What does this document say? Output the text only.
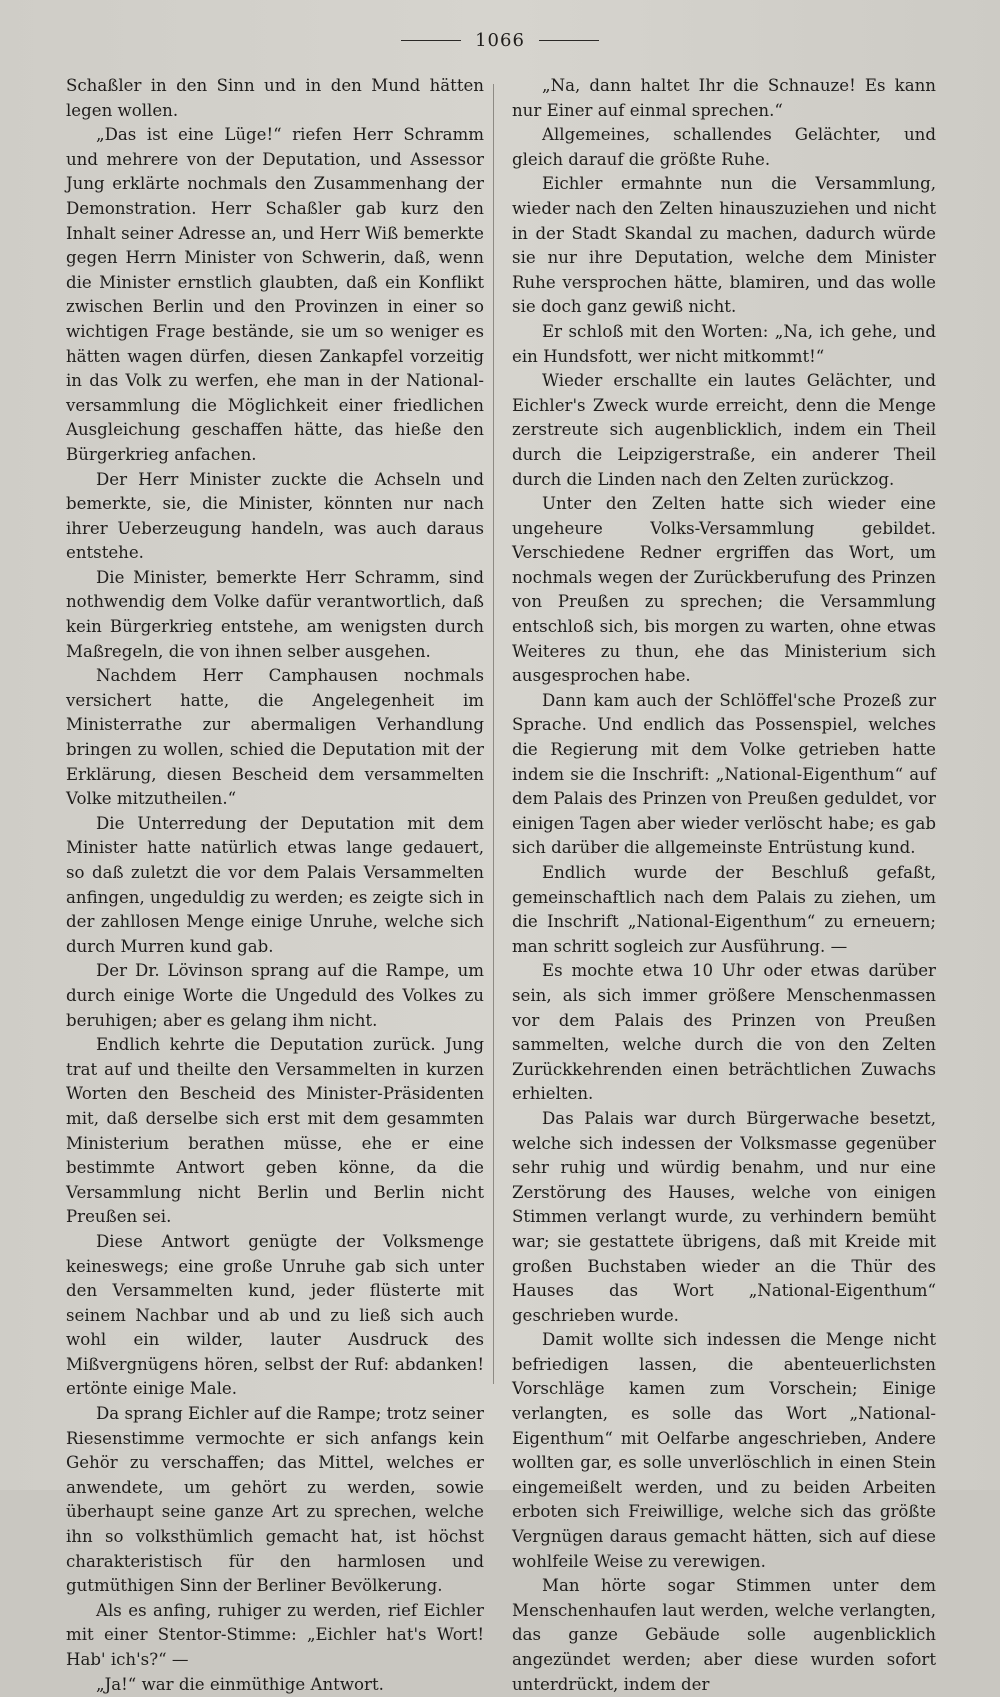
1066

Schaßler in den Sinn und in den Mund hätten legen wollen.

„Das ist eine Lüge!“ riefen Herr Schramm und mehrere von der Deputation, und Assessor Jung erklärte nochmals den Zusammenhang der Demonstration. Herr Schaßler gab kurz den Inhalt seiner Adresse an, und Herr Wiß bemerkte gegen Herrn Minister von Schwerin, daß, wenn die Minister ernstlich glaubten, daß ein Konflikt zwischen Berlin und den Provinzen in einer so wichtigen Frage bestände, sie um so weniger es hätten wagen dürfen, diesen Zankapfel vorzeitig in das Volk zu werfen, ehe man in der National-versammlung die Möglichkeit einer friedlichen Ausgleichung geschaffen hätte, das hieße den Bürgerkrieg anfachen.

Der Herr Minister zuckte die Achseln und bemerkte, sie, die Minister, könnten nur nach ihrer Ueberzeugung handeln, was auch daraus entstehe.

Die Minister, bemerkte Herr Schramm, sind nothwendig dem Volke dafür verantwortlich, daß kein Bürgerkrieg entstehe, am wenigsten durch Maßregeln, die von ihnen selber ausgehen.

Nachdem Herr Camphausen nochmals versichert hatte, die Angelegenheit im Ministerrathe zur abermaligen Verhandlung bringen zu wollen, schied die Deputation mit der Erklärung, diesen Bescheid dem versammelten Volke mitzutheilen.“

Die Unterredung der Deputation mit dem Minister hatte natürlich etwas lange gedauert, so daß zuletzt die vor dem Palais Versammelten anfingen, ungeduldig zu werden; es zeigte sich in der zahllosen Menge einige Unruhe, welche sich durch Murren kund gab.

Der Dr. Lövinson sprang auf die Rampe, um durch einige Worte die Ungeduld des Volkes zu beruhigen; aber es gelang ihm nicht.

Endlich kehrte die Deputation zurück. Jung trat auf und theilte den Versammelten in kurzen Worten den Bescheid des Minister-Präsidenten mit, daß derselbe sich erst mit dem gesammten Ministerium berathen müsse, ehe er eine bestimmte Antwort geben könne, da die Versammlung nicht Berlin und Berlin nicht Preußen sei.

Diese Antwort genügte der Volksmenge keineswegs; eine große Unruhe gab sich unter den Versammelten kund, jeder flüsterte mit seinem Nachbar und ab und zu ließ sich auch wohl ein wilder, lauter Ausdruck des Mißvergnügens hören, selbst der Ruf: abdanken! ertönte einige Male.

Da sprang Eichler auf die Rampe; trotz seiner Riesenstimme vermochte er sich anfangs kein Gehör zu verschaffen; das Mittel, welches er anwendete, um gehört zu werden, sowie überhaupt seine ganze Art zu sprechen, welche ihn so volksthümlich gemacht hat, ist höchst charakteristisch für den harmlosen und gutmüthigen Sinn der Berliner Bevölkerung.

Als es anfing, ruhiger zu werden, rief Eichler mit einer Stentor-Stimme: „Eichler hat's Wort! Hab' ich's?“ —

„Ja!“ war die einmüthige Antwort.

„Na, dann haltet Ihr die Schnauze! Es kann nur Einer auf einmal sprechen.“

Allgemeines, schallendes Gelächter, und gleich darauf die größte Ruhe.

Eichler ermahnte nun die Versammlung, wieder nach den Zelten hinauszuziehen und nicht in der Stadt Skandal zu machen, dadurch würde sie nur ihre Deputation, welche dem Minister Ruhe versprochen hätte, blamiren, und das wolle sie doch ganz gewiß nicht.

Er schloß mit den Worten: „Na, ich gehe, und ein Hundsfott, wer nicht mitkommt!“

Wieder erschallte ein lautes Gelächter, und Eichler's Zweck wurde erreicht, denn die Menge zerstreute sich augenblicklich, indem ein Theil durch die Leipzigerstraße, ein anderer Theil durch die Linden nach den Zelten zurückzog.

Unter den Zelten hatte sich wieder eine ungeheure Volks-Versammlung gebildet. Verschiedene Redner ergriffen das Wort, um nochmals wegen der Zurückberufung des Prinzen von Preußen zu sprechen; die Versammlung entschloß sich, bis morgen zu warten, ohne etwas Weiteres zu thun, ehe das Ministerium sich ausgesprochen habe.

Dann kam auch der Schlöffel'sche Prozeß zur Sprache. Und endlich das Possenspiel, welches die Regierung mit dem Volke getrieben hatte indem sie die Inschrift: „National-Eigenthum“ auf dem Palais des Prinzen von Preußen geduldet, vor einigen Tagen aber wieder verlöscht habe; es gab sich darüber die allgemeinste Entrüstung kund.

Endlich wurde der Beschluß gefaßt, gemeinschaftlich nach dem Palais zu ziehen, um die Inschrift „National-Eigenthum“ zu erneuern; man schritt sogleich zur Ausführung. —

Es mochte etwa 10 Uhr oder etwas darüber sein, als sich immer größere Menschenmassen vor dem Palais des Prinzen von Preußen sammelten, welche durch die von den Zelten Zurückkehrenden einen beträchtlichen Zuwachs erhielten.

Das Palais war durch Bürgerwache besetzt, welche sich indessen der Volksmasse gegenüber sehr ruhig und würdig benahm, und nur eine Zerstörung des Hauses, welche von einigen Stimmen verlangt wurde, zu verhindern bemüht war; sie gestattete übrigens, daß mit Kreide mit großen Buchstaben wieder an die Thür des Hauses das Wort „National-Eigenthum“ geschrieben wurde.

Damit wollte sich indessen die Menge nicht befriedigen lassen, die abenteuerlichsten Vorschläge kamen zum Vorschein; Einige verlangten, es solle das Wort „National-Eigenthum“ mit Oelfarbe angeschrieben, Andere wollten gar, es solle unverlöschlich in einen Stein eingemeißelt werden, und zu beiden Arbeiten erboten sich Freiwillige, welche sich das größte Vergnügen daraus gemacht hätten, sich auf diese wohlfeile Weise zu verewigen.

Man hörte sogar Stimmen unter dem Menschenhaufen laut werden, welche verlangten, das ganze Gebäude solle augenblicklich angezündet werden; aber diese wurden sofort unterdrückt, indem der
